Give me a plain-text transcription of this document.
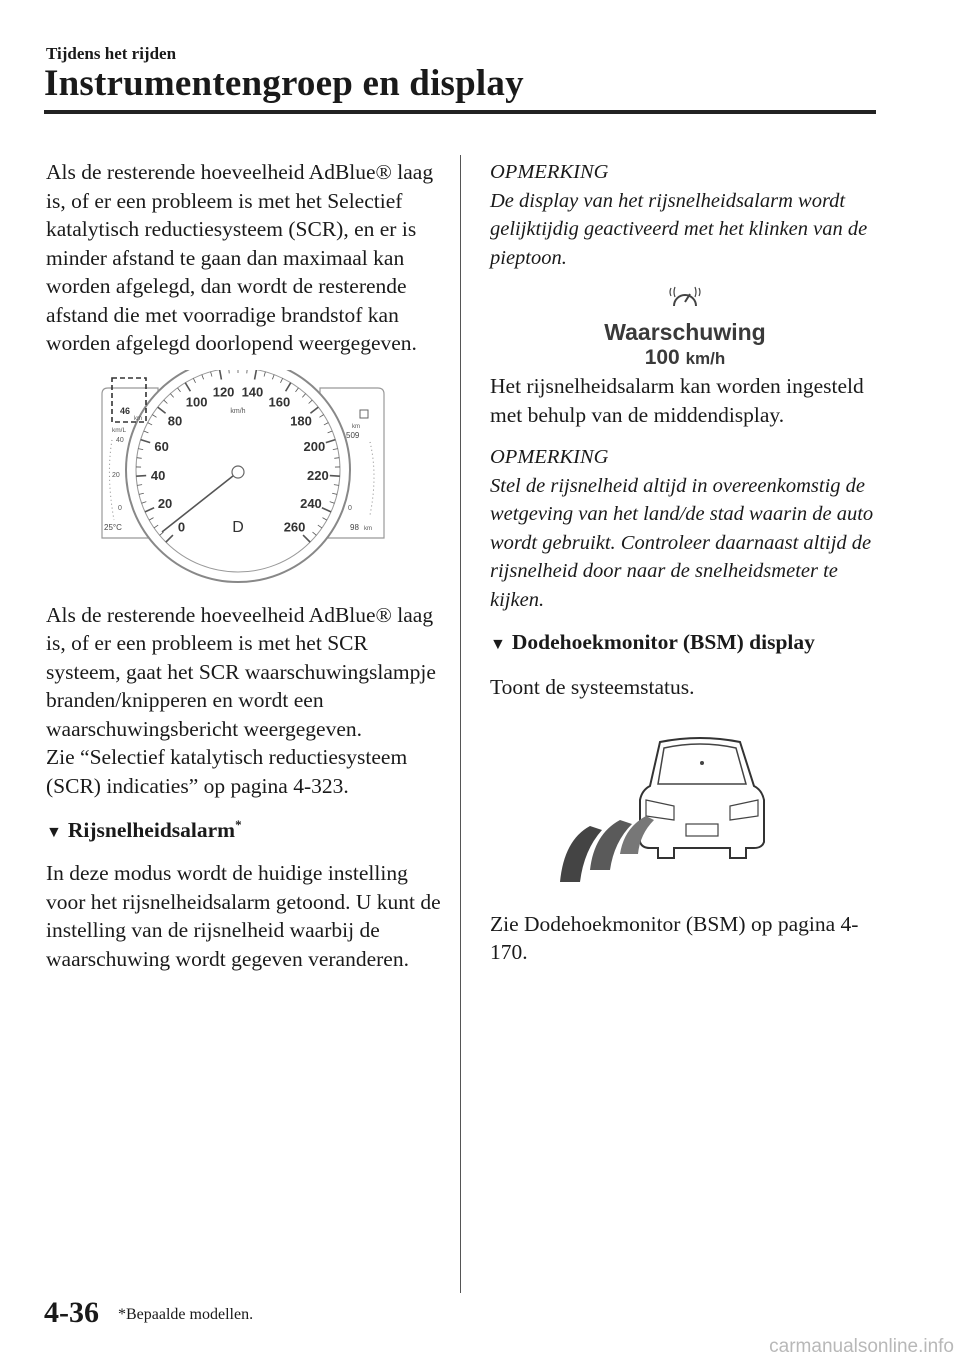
Tijdens het rijden
Instrumentengroep en display

Als de resterende hoeveelheid AdBlue® laag is, of er een probleem is met het Selectief katalytisch reductiesysteem (SCR), en er is minder afstand te gaan dan maximaal kan worden afgelegd, dan wordt de resterende afstand die met voorradige brandstof kan worden afgelegd doorlopend weergegeven.

0
20
40
60
80
100
120 140
160
180
200
220
240
260
km/h
D
46
km
km/L
40
20
0
25°C
km
509
0
98 km

Als de resterende hoeveelheid AdBlue® laag is, of er een probleem is met het SCR systeem, gaat het SCR waarschuwingslampje branden/knipperen en wordt een waarschuwingsbericht weergegeven.
Zie “Selectief katalytisch reductiesysteem (SCR) indicaties” op pagina 4-323.

▼ Rijsnelheidsalarm*

In deze modus wordt de huidige instelling voor het rijsnelheidsalarm getoond. U kunt de instelling van de rijsnelheid waarbij de waarschuwing wordt gegeven veranderen.

OPMERKING
De display van het rijsnelheidsalarm wordt gelijktijdig geactiveerd met het klinken van de pieptoon.
Waarschuwing
100 km/h

Het rijsnelheidsalarm kan worden ingesteld met behulp van de middendisplay.

OPMERKING
Stel de rijsnelheid altijd in overeenkomstig de wetgeving van het land/de stad waarin de auto wordt gebruikt. Controleer daarnaast altijd de rijsnelheid door naar de snelheidsmeter te kijken.
▼ Dodehoekmonitor (BSM) display

Toont de systeemstatus.

Zie Dodehoekmonitor (BSM) op pagina 4-170.

4-36 *Bepaalde modellen.
carmanualsonline.info
